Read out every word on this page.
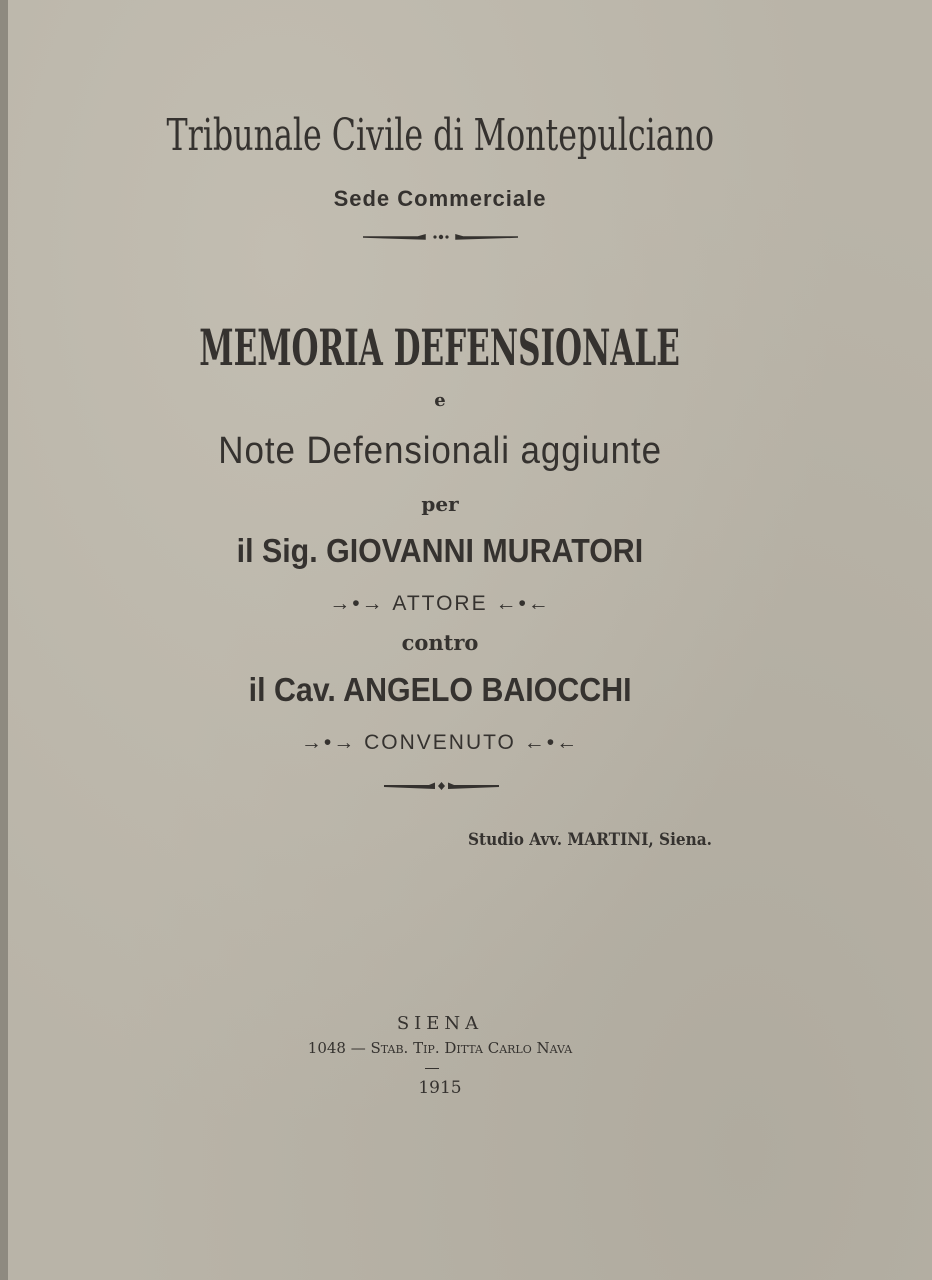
Tribunale Civile di Montepulciano
Sede Commerciale
MEMORIA DEFENSIONALE
e
Note Defensionali aggiunte
per
il Sig. GIOVANNI MURATORI
→•→ ATTORE ←•←
contro
il Cav. ANGELO BAIOCCHI
→•→ CONVENUTO ←•←
Studio Avv. MARTINI, Siena.
SIENA
1048 — Stab. Tip. Ditta Carlo Nava
1915
